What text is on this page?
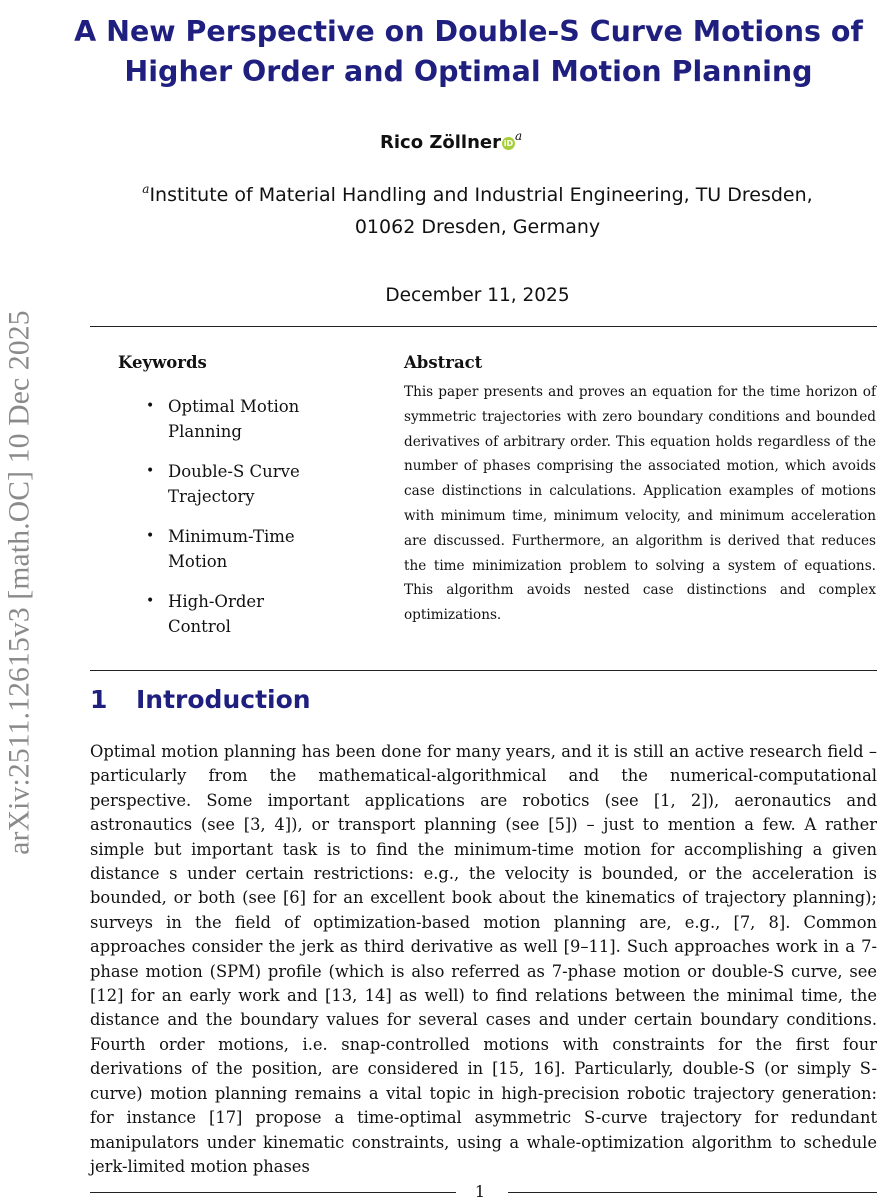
arXiv:2511.12615v3 [math.OC] 10 Dec 2025
A New Perspective on Double-S Curve Motions of Higher Order and Optimal Motion Planning
Rico Zöllner $iD^a$
$^a$Institute of Material Handling and Industrial Engineering, TU Dresden,
01062 Dresden, Germany
December 11, 2025
Keywords
• Optimal Motion Planning
• Double-S Curve Trajectory
• Minimum-Time Motion
• High-Order Control
Abstract

This paper presents and proves an equation for the time horizon of symmetric trajectories with zero boundary conditions and bounded derivatives of arbitrary order. This equation holds regardless of the number of phases comprising the associated motion, which avoids case distinctions in calculations. Application examples of motions with minimum time, minimum velocity, and minimum acceleration are discussed. Furthermore, an algorithm is derived that reduces the time minimization problem to solving a system of equations. This algorithm avoids nested case distinctions and complex optimizations.

1 Introduction

Optimal motion planning has been done for many years, and it is still an active research field – particularly from the mathematical-algorithmical and the numerical-computational perspective. Some important applications are robotics (see [1, 2]), aeronautics and astronautics (see [3, 4]), or transport planning (see [5]) – just to mention a few. A rather simple but important task is to find the minimum-time motion for accomplishing a given distance s under certain restrictions: e.g., the velocity is bounded, or the acceleration is bounded, or both (see [6] for an excellent book about the kinematics of trajectory planning); surveys in the field of optimization-based motion planning are, e.g., [7, 8]. Common approaches consider the jerk as third derivative as well [9–11]. Such approaches work in a 7-phase motion (SPM) profile (which is also referred as 7-phase motion or double-S curve, see [12] for an early work and [13, 14] as well) to find relations between the minimal time, the distance and the boundary values for several cases and under certain boundary conditions. Fourth order motions, i.e. snap-controlled motions with constraints for the first four derivations of the position, are considered in [15, 16]. Particularly, double-S (or simply S-curve) motion planning remains a vital topic in high-precision robotic trajectory generation: for instance [17] propose a time-optimal asymmetric S-curve trajectory for redundant manipulators under kinematic constraints, using a whale-optimization algorithm to schedule jerk-limited motion phases

1
